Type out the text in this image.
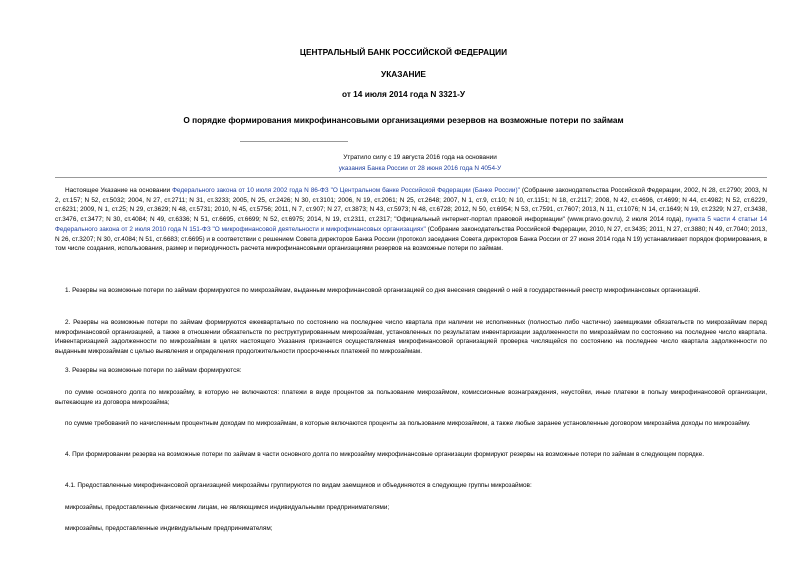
ЦЕНТРАЛЬНЫЙ БАНК РОССИЙСКОЙ ФЕДЕРАЦИИ
УКАЗАНИЕ
от 14 июля 2014 года N 3321-У
О порядке формирования микрофинансовыми организациями резервов на возможные потери по займам
Утратило силу с 19 августа 2016 года на основании
указания Банка России от 28 июня 2016 года N 4054-У

Настоящее Указание на основании Федерального закона от 10 июля 2002 года N 86-ФЗ "О Центральном банке Российской Федерации (Банке России)" (Собрание законодательства Российской Федерации, 2002, N 28, ст.2790; 2003, N 2, ст.157; N 52, ст.5032; 2004, N 27, ст.2711; N 31, ст.3233; 2005, N 25, ст.2426; N 30, ст.3101; 2006, N 19, ст.2061; N 25, ст.2648; 2007, N 1, ст.9, ст.10; N 10, ст.1151; N 18, ст.2117; 2008, N 42, ст.4696, ст.4699; N 44, ст.4982; N 52, ст.6229, ст.6231; 2009, N 1, ст.25; N 29, ст.3629; N 48, ст.5731; 2010, N 45, ст.5756; 2011, N 7, ст.907; N 27, ст.3873; N 43, ст.5973; N 48, ст.6728; 2012, N 50, ст.6954; N 53, ст.7591, ст.7607; 2013, N 11, ст.1076; N 14, ст.1649; N 19, ст.2329; N 27, ст.3438, ст.3476, ст.3477; N 30, ст.4084; N 49, ст.6336; N 51, ст.6695, ст.6699; N 52, ст.6975; 2014, N 19, ст.2311, ст.2317; "Официальный интернет-портал правовой информации" (www.pravo.gov.ru), 2 июля 2014 года), пункта 5 части 4 статьи 14 Федерального закона от 2 июля 2010 года N 151-ФЗ "О микрофинансовой деятельности и микрофинансовых организациях" (Собрание законодательства Российской Федерации, 2010, N 27, ст.3435; 2011, N 27, ст.3880; N 49, ст.7040; 2013, N 26, ст.3207; N 30, ст.4084; N 51, ст.6683; ст.6695) и в соответствии с решением Совета директоров Банка России (протокол заседания Совета директоров Банка России от 27 июня 2014 года N 19) устанавливает порядок формирования, в том числе создания, использования, размер и периодичность расчета микрофинансовыми организациями резервов на возможные потери по займам.

1. Резервы на возможные потери по займам формируются по микрозаймам, выданным микрофинансовой организацией со дня внесения сведений о ней в государственный реестр микрофинансовых организаций.

2. Резервы на возможные потери по займам формируются ежеквартально по состоянию на последнее число квартала при наличии не исполненных (полностью либо частично) заемщиками обязательств по микрозаймам перед микрофинансовой организацией, а также в отношении обязательств по реструктурированным микрозаймам, установленных по результатам инвентаризации задолженности по микрозаймам по состоянию на последнее число квартала. Инвентаризацией задолженности по микрозаймам в целях настоящего Указания признается осуществляемая микрофинансовой организацией проверка числящейся по состоянию на последнее число квартала задолженности по выданным микрозаймам с целью выявления и определения продолжительности просроченных платежей по микрозаймам.

3. Резервы на возможные потери по займам формируются:

по сумме основного долга по микрозайму, в которую не включаются: платежи в виде процентов за пользование микрозаймом, комиссионные вознаграждения, неустойки, иные платежи в пользу микрофинансовой организации, вытекающие из договора микрозайма;

по сумме требований по начисленным процентным доходам по микрозаймам, в которые включаются проценты за пользование микрозаймом, а также любые заранее установленные договором микрозайма доходы по микрозайму.

4. При формировании резерва на возможные потери по займам в части основного долга по микрозайму микрофинансовые организации формируют резервы на возможные потери по займам в следующем порядке.

4.1. Предоставленные микрофинансовой организацией микрозаймы группируются по видам заемщиков и объединяются в следующие группы микрозаймов:

микрозаймы, предоставленные физическим лицам, не являющимся индивидуальными предпринимателями;

микрозаймы, предоставленные индивидуальным предпринимателям;
